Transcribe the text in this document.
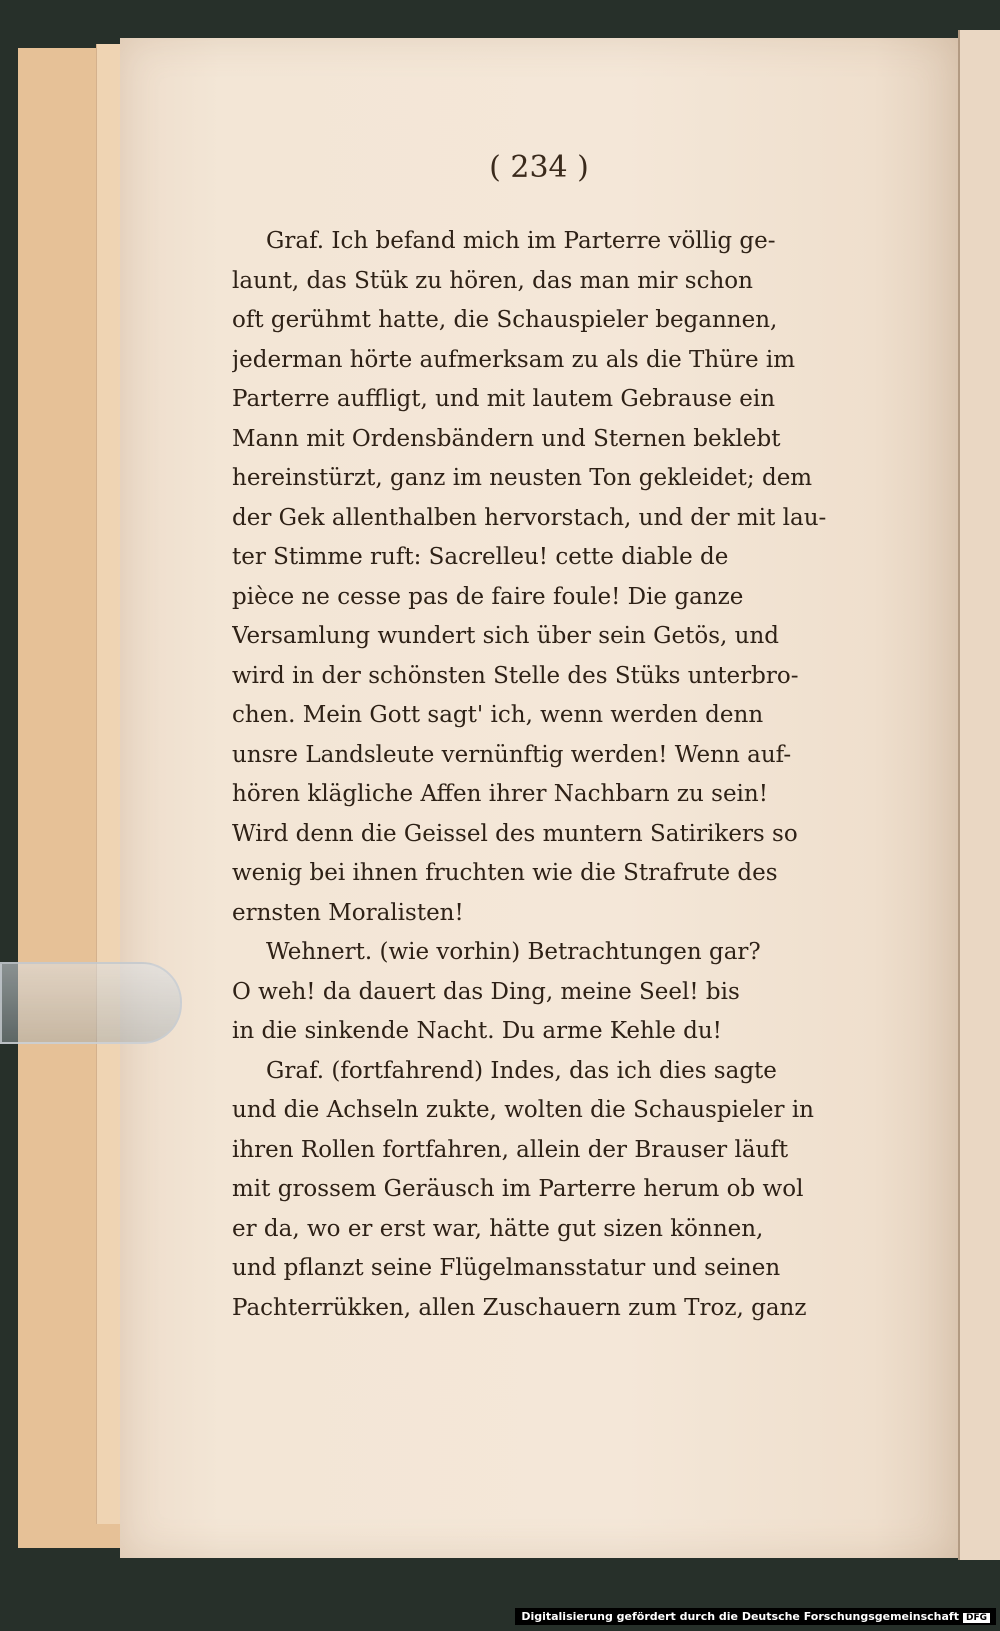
( 234 )
Graf. Ich befand mich im Parterre völlig ge-
launt, das Stük zu hören, das man mir schon
oft gerühmt hatte, die Schauspieler begannen,
jederman hörte aufmerksam zu als die Thüre im
Parterre auffligt, und mit lautem Gebrause ein
Mann mit Ordensbändern und Sternen beklebt
hereinstürzt, ganz im neusten Ton gekleidet; dem
der Gek allenthalben hervorstach, und der mit lau-
ter Stimme ruft: Sacrelleu! cette diable de
pièce ne cesse pas de faire foule! Die ganze
Versamlung wundert sich über sein Getös, und
wird in der schönsten Stelle des Stüks unterbro-
chen. Mein Gott sagt' ich, wenn werden denn
unsre Landsleute vernünftig werden! Wenn auf-
hören klägliche Affen ihrer Nachbarn zu sein!
Wird denn die Geissel des muntern Satirikers so
wenig bei ihnen fruchten wie die Strafrute des
ernsten Moralisten!
Wehnert. (wie vorhin) Betrachtungen gar?
O weh! da dauert das Ding, meine Seel! bis
in die sinkende Nacht. Du arme Kehle du!
Graf. (fortfahrend) Indes, das ich dies sagte
und die Achseln zukte, wolten die Schauspieler in
ihren Rollen fortfahren, allein der Brauser läuft
mit grossem Geräusch im Parterre herum ob wol
er da, wo er erst war, hätte gut sizen können,
und pflanzt seine Flügelmansstatur und seinen
Pachterrükken, allen Zuschauern zum Troz, ganz
Digitalisierung gefördert durch die Deutsche Forschungsgemeinschaft DFG
